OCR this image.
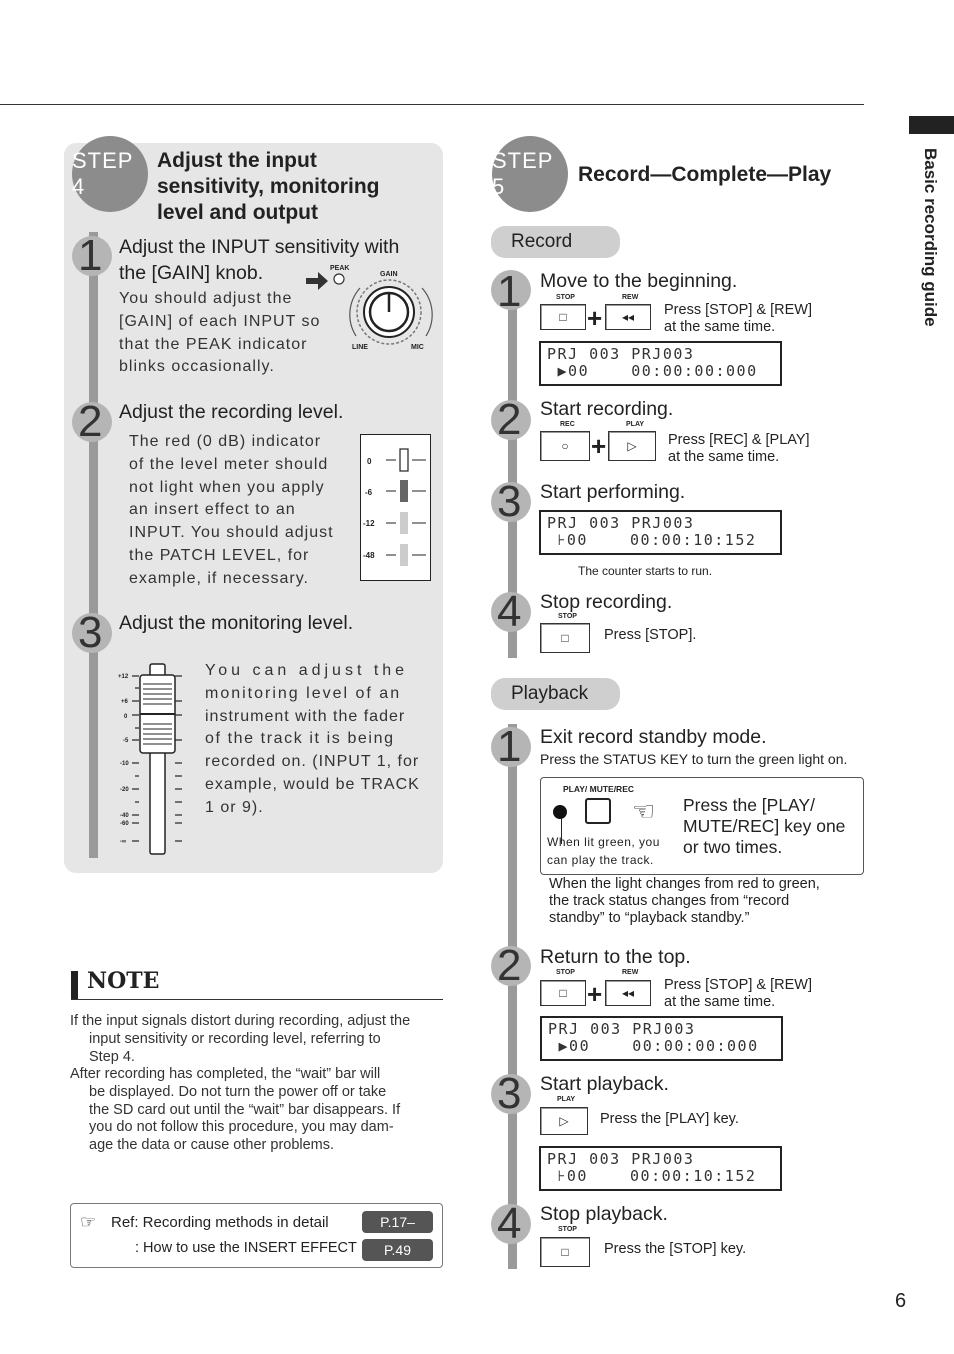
Basic recording guide
6
STEP 4
Adjust the input
sensitivity, monitoring
level and output
1 Adjust the INPUT sensitivity with
the [GAIN] knob.
You should adjust the
[GAIN] of each INPUT so
that the PEAK indicator
blinks occasionally.
PEAK
GAIN
LINE	MIC
2 Adjust the recording level.
The red (0 dB) indicator
of the level meter should
not light when you apply
an insert effect to an
INPUT. You should adjust
the PATCH LEVEL, for
example, if necessary.
0
-6
-12
-48
3 Adjust the monitoring level.
+12
+6
0
-5
-10
-20
-40
-60
-∞
You can adjust the
monitoring level of an
instrument with the fader
of the track it is being
recorded on. (INPUT 1, for
example, would be TRACK
1 or 9).
NOTE
If the input signals distort during recording, adjust the
input sensitivity or recording level, referring to
Step 4.
After recording has completed, the “wait” bar will
be displayed. Do not turn the power off or take
the SD card out until the “wait” bar disappears. If
you do not follow this procedure, you may dam-
age the data or cause other problems.
☞ Ref: Recording methods in detail
: How to use the INSERT EFFECT
P.17–
P.49
STEP 5	Record—Complete—Play
Record
1 Move to the beginning.
STOP
□ +
REW
◂◂ Press [STOP] & [REW]
at the same time.
PRJ 003 PRJ003
▶00    00:00:00:000
2 Start recording.
REC
○ +
PLAY
▷ Press [REC] & [PLAY]
at the same time.
3 Start performing.
PRJ 003 PRJ003
⊦00    00:00:10:152
The counter starts to run.
4 Stop recording.
STOP
□ Press [STOP].
Playback
1 Exit record standby mode.
Press the STATUS KEY to turn the green light on.
PLAY/ MUTE/REC
☜
When lit green, you
can play the track.
Press the [PLAY/
MUTE/REC] key one
or two times.
When the light changes from red to green,
the track status changes from “record
standby” to “playback standby.”
2 Return to the top.
STOP
□ +
REW
◂◂ Press [STOP] & [REW]
at the same time.
PRJ 003 PRJ003
▶00    00:00:00:000
3 Start playback.
PLAY
▷ Press the [PLAY] key.
PRJ 003 PRJ003
⊦00    00:00:10:152
4 Stop playback.
STOP
□ Press the [STOP] key.
